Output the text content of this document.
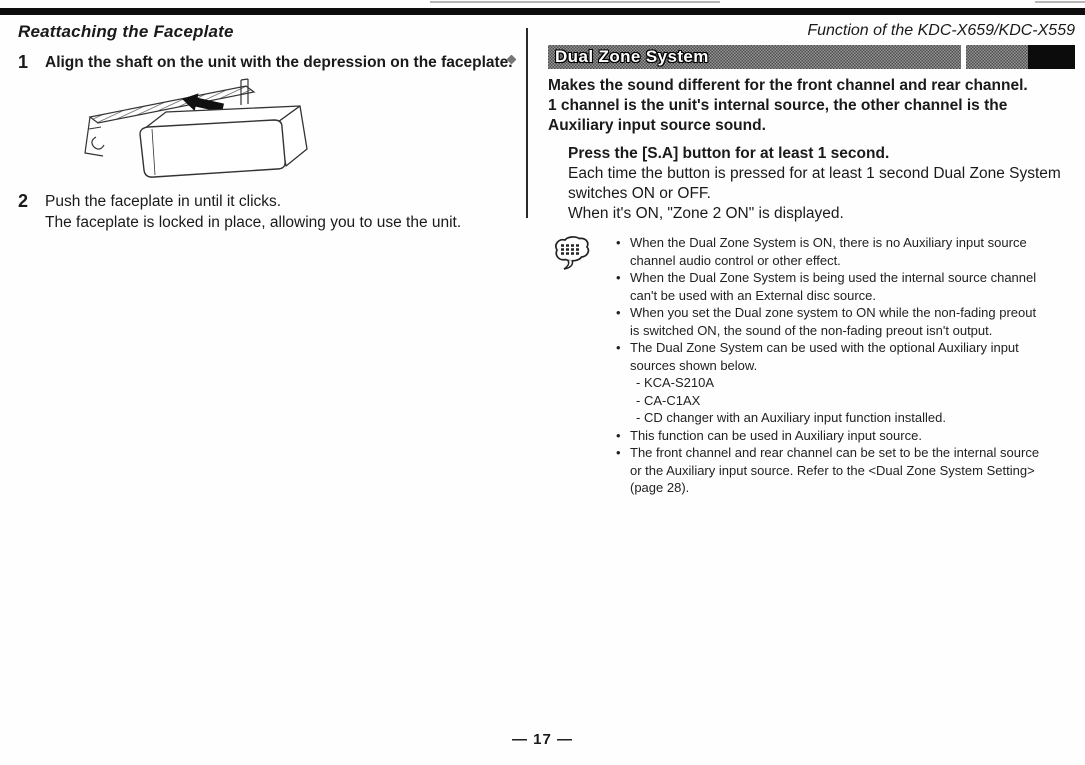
Reattaching the Faceplate
1	Align the shaft on the unit with the depression on the faceplate.
2	Push the faceplate in until it clicks.

The faceplate is locked in place, allowing you to use the unit.

Function of the KDC-X659/KDC-X559

Dual Zone System

Makes the sound different for the front channel and rear channel.

1 channel is the unit's internal source, the other channel is the Auxiliary input source sound.

Press the [S.A] button for at least 1 second.

Each time the button is pressed for at least 1 second Dual Zone System switches ON or OFF.

When it's ON, "Zone 2 ON" is displayed.

• When the Dual Zone System is ON, there is no Auxiliary input source channel audio control or other effect.
• When the Dual Zone System is being used the internal source channel can't be used with an External disc source.
• When you set the Dual zone system to ON while the non-fading preout is switched ON, the sound of the non-fading preout isn't output.
• The Dual Zone System can be used with the optional Auxiliary input sources shown below.
- KCA-S210A
- CA-C1AX
- CD changer with an Auxiliary input function installed.
• This function can be used in Auxiliary input source.
• The front channel and rear channel can be set to be the internal source or the Auxiliary input source. Refer to the <Dual Zone System Setting> (page 28).
— 17 —
